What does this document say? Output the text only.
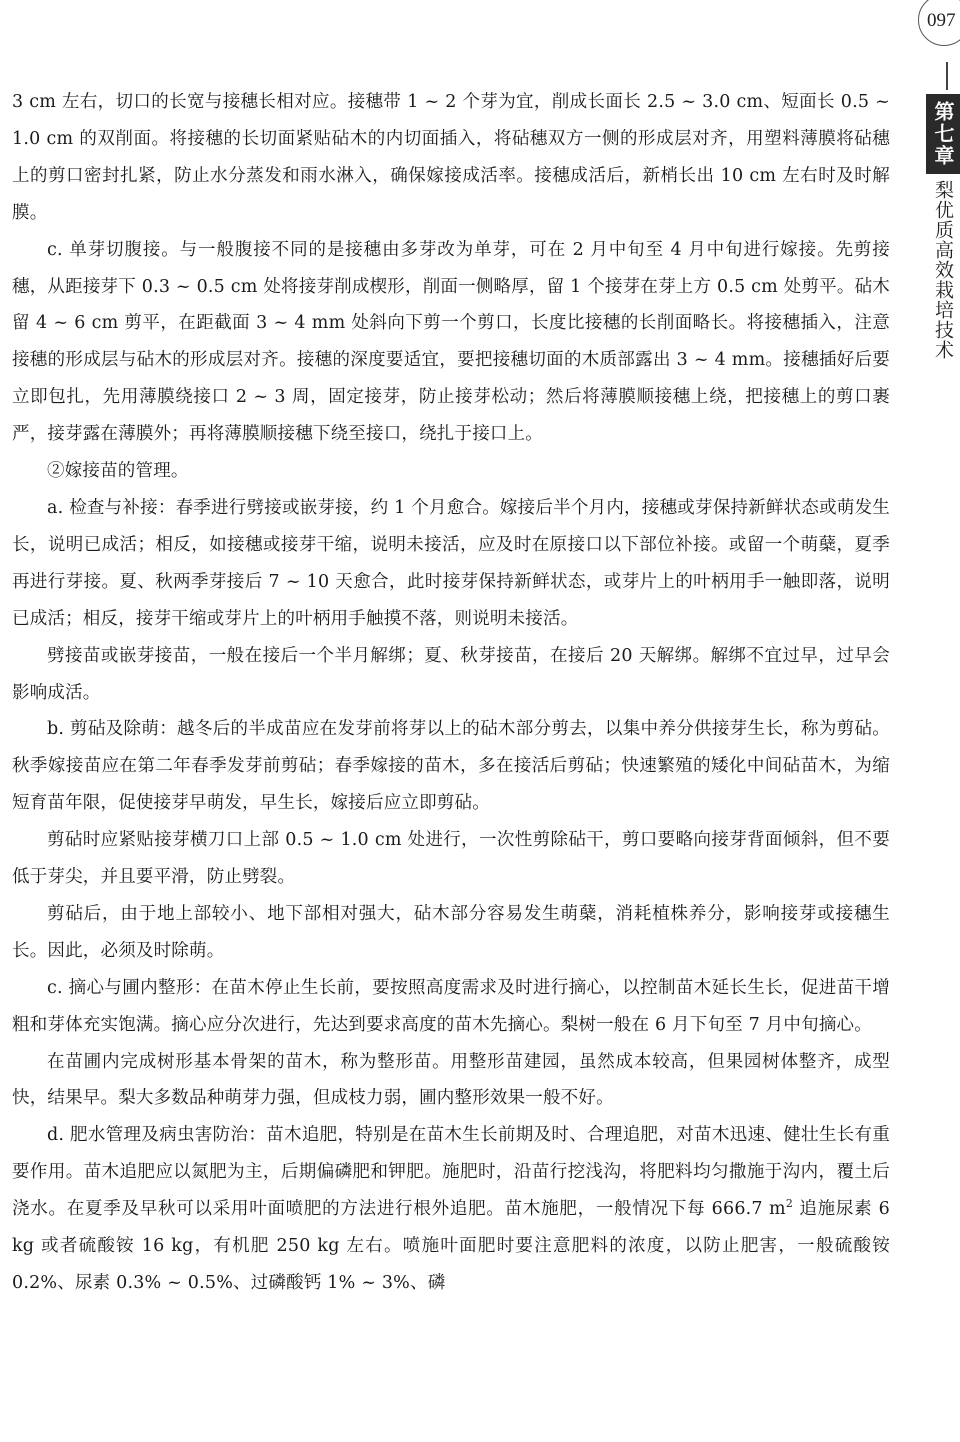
097
第七章
梨优质高效栽培技术

3 cm 左右，切口的长宽与接穗长相对应。接穗带 1 ~ 2 个芽为宜，削成长面长 2.5 ~ 3.0 cm、短面长 0.5 ~ 1.0 cm 的双削面。将接穗的长切面紧贴砧木的内切面插入，将砧穗双方一侧的形成层对齐，用塑料薄膜将砧穗上的剪口密封扎紧，防止水分蒸发和雨水淋入，确保嫁接成活率。接穗成活后，新梢长出 10 cm 左右时及时解膜。

c. 单芽切腹接。与一般腹接不同的是接穗由多芽改为单芽，可在 2 月中旬至 4 月中旬进行嫁接。先剪接穗，从距接芽下 0.3 ~ 0.5 cm 处将接芽削成楔形，削面一侧略厚，留 1 个接芽在芽上方 0.5 cm 处剪平。砧木留 4 ~ 6 cm 剪平，在距截面 3 ~ 4 mm 处斜向下剪一个剪口，长度比接穗的长削面略长。将接穗插入，注意接穗的形成层与砧木的形成层对齐。接穗的深度要适宜，要把接穗切面的木质部露出 3 ~ 4 mm。接穗插好后要立即包扎，先用薄膜绕接口 2 ~ 3 周，固定接芽，防止接芽松动；然后将薄膜顺接穗上绕，把接穗上的剪口裹严，接芽露在薄膜外；再将薄膜顺接穗下绕至接口，绕扎于接口上。

②嫁接苗的管理。

a. 检查与补接：春季进行劈接或嵌芽接，约 1 个月愈合。嫁接后半个月内，接穗或芽保持新鲜状态或萌发生长，说明已成活；相反，如接穗或接芽干缩，说明未接活，应及时在原接口以下部位补接。或留一个萌蘖，夏季再进行芽接。夏、秋两季芽接后 7 ~ 10 天愈合，此时接芽保持新鲜状态，或芽片上的叶柄用手一触即落，说明已成活；相反，接芽干缩或芽片上的叶柄用手触摸不落，则说明未接活。

劈接苗或嵌芽接苗，一般在接后一个半月解绑；夏、秋芽接苗，在接后 20 天解绑。解绑不宜过早，过早会影响成活。

b. 剪砧及除萌：越冬后的半成苗应在发芽前将芽以上的砧木部分剪去，以集中养分供接芽生长，称为剪砧。秋季嫁接苗应在第二年春季发芽前剪砧；春季嫁接的苗木，多在接活后剪砧；快速繁殖的矮化中间砧苗木，为缩短育苗年限，促使接芽早萌发，早生长，嫁接后应立即剪砧。

剪砧时应紧贴接芽横刀口上部 0.5 ~ 1.0 cm 处进行，一次性剪除砧干，剪口要略向接芽背面倾斜，但不要低于芽尖，并且要平滑，防止劈裂。

剪砧后，由于地上部较小、地下部相对强大，砧木部分容易发生萌蘖，消耗植株养分，影响接芽或接穗生长。因此，必须及时除萌。

c. 摘心与圃内整形：在苗木停止生长前，要按照高度需求及时进行摘心，以控制苗木延长生长，促进苗干增粗和芽体充实饱满。摘心应分次进行，先达到要求高度的苗木先摘心。梨树一般在 6 月下旬至 7 月中旬摘心。

在苗圃内完成树形基本骨架的苗木，称为整形苗。用整形苗建园，虽然成本较高，但果园树体整齐，成型快，结果早。梨大多数品种萌芽力强，但成枝力弱，圃内整形效果一般不好。

d. 肥水管理及病虫害防治：苗木追肥，特别是在苗木生长前期及时、合理追肥，对苗木迅速、健壮生长有重要作用。苗木追肥应以氮肥为主，后期偏磷肥和钾肥。施肥时，沿苗行挖浅沟，将肥料均匀撒施于沟内，覆土后浇水。在夏季及早秋可以采用叶面喷肥的方法进行根外追肥。苗木施肥，一般情况下每 666.7 $m^2$ 追施尿素 6 kg 或者硫酸铵 16 kg，有机肥 250 kg 左右。喷施叶面肥时要注意肥料的浓度，以防止肥害，一般硫酸铵 0.2%、尿素 0.3% ~ 0.5%、过磷酸钙 1% ~ 3%、磷
